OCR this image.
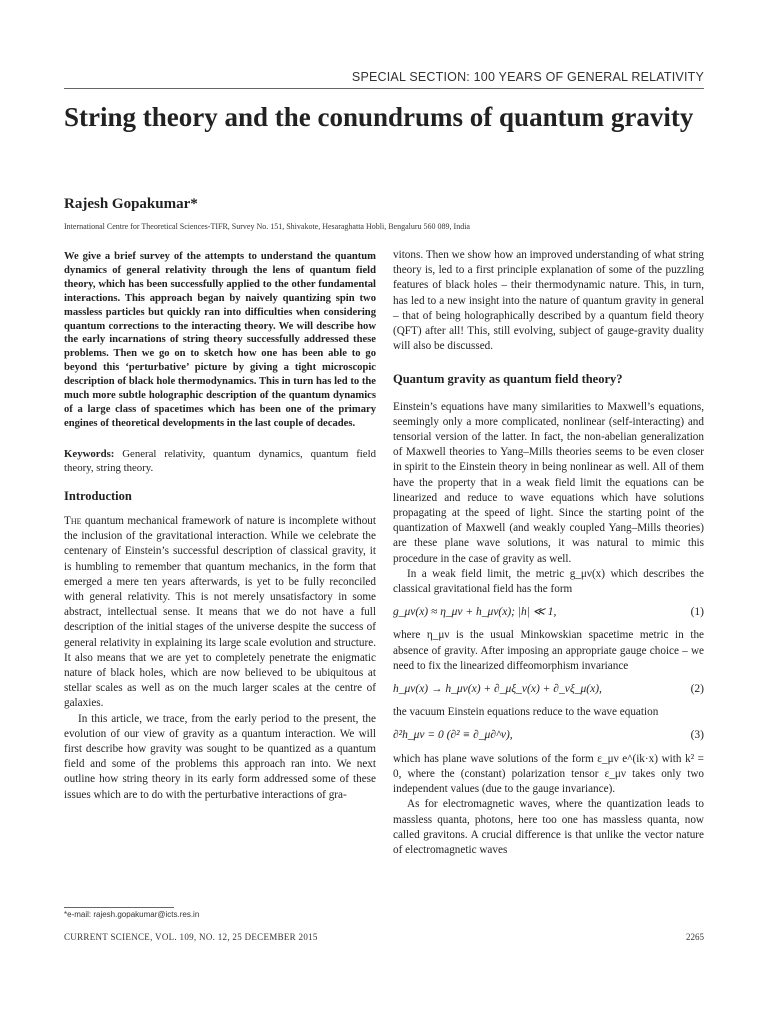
SPECIAL SECTION: 100 YEARS OF GENERAL RELATIVITY
String theory and the conundrums of quantum gravity
Rajesh Gopakumar*
International Centre for Theoretical Sciences-TIFR, Survey No. 151, Shivakote, Hesaraghatta Hobli, Bengaluru 560 089, India

We give a brief survey of the attempts to understand the quantum dynamics of general relativity through the lens of quantum field theory, which has been successfully applied to the other fundamental interactions. This approach began by naively quantizing spin two massless particles but quickly ran into difficulties when considering quantum corrections to the interacting theory. We will describe how the early incarnations of string theory successfully addressed these problems. Then we go on to sketch how one has been able to go beyond this ‘perturbative’ picture by giving a tight microscopic description of black hole thermodynamics. This in turn has led to the much more subtle holographic description of the quantum dynamics of a large class of spacetimes which has been one of the primary engines of theoretical developments in the last couple of decades.

Keywords: General relativity, quantum dynamics, quantum field theory, string theory.

Introduction

The quantum mechanical framework of nature is incomplete without the inclusion of the gravitational interaction. While we celebrate the centenary of Einstein’s successful description of classical gravity, it is humbling to remember that quantum mechanics, in the form that emerged a mere ten years afterwards, is yet to be fully reconciled with general relativity. This is not merely unsatisfactory in some abstract, intellectual sense. It means that we do not have a full description of the initial stages of the universe despite the success of general relativity in explaining its large scale evolution and structure. It also means that we are yet to completely penetrate the enigmatic nature of black holes, which are now believed to be ubiquitous at stellar scales as well as on the much larger scales at the centre of galaxies.

In this article, we trace, from the early period to the present, the evolution of our view of gravity as a quantum interaction. We will first describe how gravity was sought to be quantized as a quantum field and some of the problems this approach ran into. We next outline how string theory in its early form addressed some of these issues which are to do with the perturbative interactions of gra-

vitons. Then we show how an improved understanding of what string theory is, led to a first principle explanation of some of the puzzling features of black holes – their thermodynamic nature. This, in turn, has led to a new insight into the nature of quantum gravity in general – that of being holographically described by a quantum field theory (QFT) after all! This, still evolving, subject of gauge-gravity duality will also be discussed.

Quantum gravity as quantum field theory?

Einstein’s equations have many similarities to Maxwell’s equations, seemingly only a more complicated, nonlinear (self-interacting) and tensorial version of the latter. In fact, the non-abelian generalization of Maxwell theories to Yang–Mills theories seems to be even closer in spirit to the Einstein theory in being nonlinear as well. All of them have the property that in a weak field limit the equations can be linearized and reduce to wave equations which have solutions propagating at the speed of light. Since the starting point of the quantization of Maxwell (and weakly coupled Yang–Mills theories) are these plane wave solutions, it was natural to mimic this procedure in the case of gravity as well.

In a weak field limit, the metric g_μν(x) which describes the classical gravitational field has the form

g_μν(x) ≈ η_μν + h_μν(x); |h| ≪ 1,	(1)

where η_μν is the usual Minkowskian spacetime metric in the absence of gravity. After imposing an appropriate gauge choice – we need to fix the linearized diffeomorphism invariance

h_μν(x) → h_μν(x) + ∂_μξ_ν(x) + ∂_νξ_μ(x),	(2)

the vacuum Einstein equations reduce to the wave equation

∂²h_μν = 0 (∂² ≡ ∂_μ∂^ν),	(3)

which has plane wave solutions of the form ε_μν e^(ik·x) with k² = 0, where the (constant) polarization tensor ε_μν takes only two independent values (due to the gauge invariance).

As for electromagnetic waves, where the quantization leads to massless quanta, photons, here too one has massless quanta, now called gravitons. A crucial difference is that unlike the vector nature of electromagnetic waves

*e-mail: rajesh.gopakumar@icts.res.in
CURRENT SCIENCE, VOL. 109, NO. 12, 25 DECEMBER 2015	2265
